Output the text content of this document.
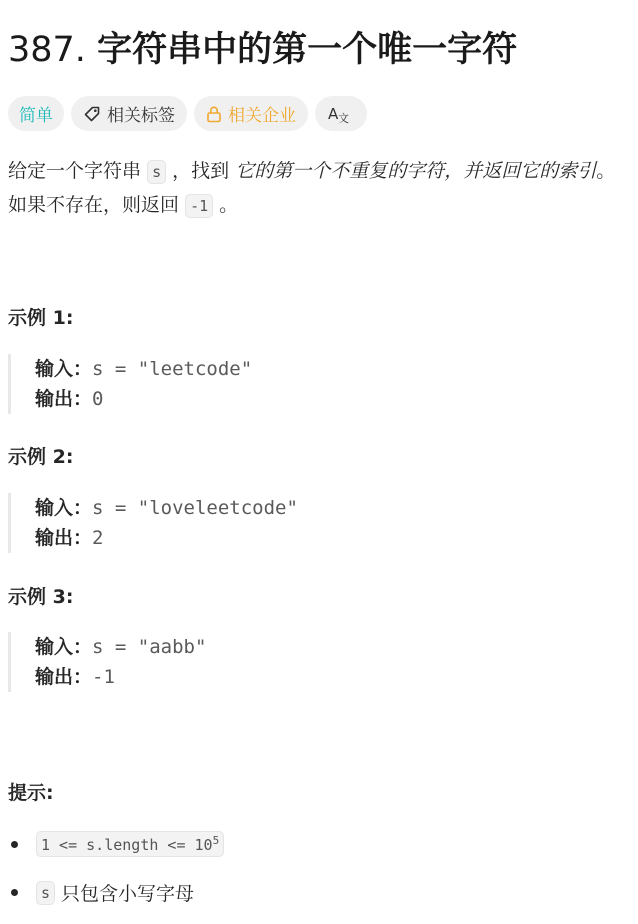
387. 字符串中的第一个唯一字符
简单	相关标签	相关企业 A 文
给定一个字符串 s ，找到 它的第一个不重复的字符，并返回它的索引。如果不存在，则返回 -1 。
示例 1:
输入：s = "leetcode"
输出：0
示例 2:
输入：s = "loveleetcode"
输出：2
示例 3:
输入：s = "aabb"
输出：-1
提示:
1 <= s.length <= $10^5$
s 只包含小写字母
